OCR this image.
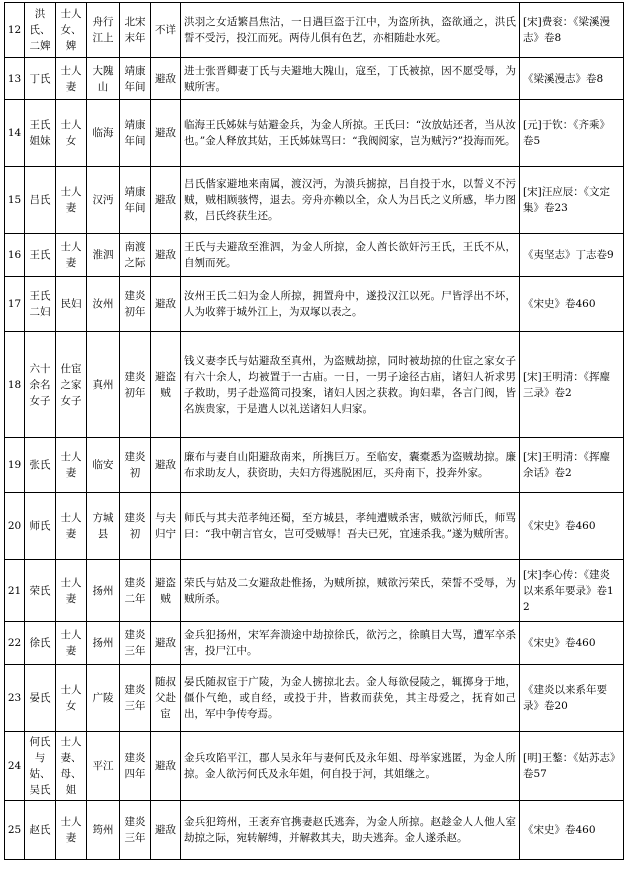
12	洪氏、二婢	士人女、婢	舟行江上	北宋末年	不详	洪羽之女适繁昌焦沽，一日遇巨盗于江中，为盗所执，盗欲通之，洪氏誓不受污，投江而死。两侍儿俱有色艺，亦相随赴水死。	[宋]费衮：《梁溪漫志》卷8
13	丁氏	士人妻	大隗山	靖康年间	避敌	进士张晋卿妻丁氏与夫避地大隗山，寇至，丁氏被掠，因不愿受辱，为贼所害。	《梁溪漫志》卷8
14	王氏姐妹	士人女	临海	靖康年间	避敌	临海王氏姊妹与姑避金兵，为金人所掠。王氏曰：“汝放姑还者，当从汝也。”金人释放其姑，王氏姊妹骂曰：“我阀阅家，岂为贼污?”投海而死。	[元]于钦：《齐乘》卷5
15	吕氏	士人妻	汉沔	靖康年间	避敌	吕氏偕家避地来南属，渡汉沔，为溃兵掳掠，吕自投于水，以誓义不污贼，贼相顾骇愕，退去。旁舟亦赖以全，众人为吕氏之义所感，毕力图救，吕氏终获生还。	[宋]汪应辰：《文定集》卷23
16	王氏	士人妻	淮泗	南渡之际	避敌	王氏与夫避敌至淮泗，为金人所掠，金人酋长欲奸污王氏，王氏不从，自刎而死。	《夷坚志》丁志卷9
17	王氏二妇	民妇	汝州	建炎初年	避敌	汝州王氏二妇为金人所掠，拥置舟中，遂投汉江以死。尸皆浮出不坏，人为收葬于城外江上，为双塚以表之。	《宋史》卷460
18	六十余名女子	仕宦之家女子	真州	建炎初年	避盗贼	钱义妻李氏与姑避敌至真州，为盗贼劫掠，同时被劫掠的仕宦之家女子有六十余人，均被置于一古庙。一日，一男子途径古庙，诸妇人祈求男子救助，男子赴巡简司投案，诸妇人因之获救。询妇辈，各言门阀，皆名族贵家，于是遣人以礼送诸妇人归家。	[宋]王明清：《挥麈三录》卷2
19	张氏	士人妻	临安	建炎初	避敌	廉布与妻自山阳避敌南来，所携巨万。至临安，囊橐悉为盗贼劫掠。廉布求助友人，获资助，夫妇方得逃脱困厄，买舟南下，投奔外家。	[宋]王明清：《挥麈余话》卷2
20	师氏	士人妻	方城县	建炎初	与夫归宁	师氏与其夫范孝纯还蜀，至方城县，孝纯遭贼杀害，贼欲污师氏，师骂曰：“我中朝言官女，岂可受贼辱！吾夫已死，宜速杀我。”遂为贼所害。	《宋史》卷460
21	荣氏	士人妻	扬州	建炎二年	避盗贼	荣氏与姑及二女避敌赴惟扬，为贼所掠，贼欲污荣氏，荣誓不受辱，为贼所杀。	[宋]李心传：《建炎以来系年要录》卷12
22	徐氏	士人妻	扬州	建炎三年	避敌	金兵犯扬州，宋军奔溃途中劫掠徐氏，欲污之，徐瞋目大骂，遭军卒杀害，投尸江中。	《宋史》卷460
23	晏氏	士人女	广陵	建炎三年	随叔父赴宦	晏氏随叔宦于广陵，为金人掳掠北去。金人每欲侵陵之，辄掷身于地，僵仆气绝，或自经，或投于井，皆救而获免，其主母爱之，抚育如己出，军中争传夸焉。	《建炎以来系年要录》卷20
24	何氏与姑、吴氏	士人妻、母、姐	平江	建炎四年	避敌	金兵攻陷平江，郡人吴永年与妻何氏及永年姐、母举家逃匿，为金人所掠。金人欲污何氏及永年姐，何自投于河，其姐继之。	[明]王鏊：《姑苏志》卷57
25	赵氏	士人妻	筠州	建炎三年	避敌	金兵犯筠州，王袤弃官携妻赵氏逃奔，为金人所掠。赵趁金人人他人室劫掠之际，宛转解缚，并解救其夫，助夫逃奔。金人遂杀赵。	《宋史》卷460
